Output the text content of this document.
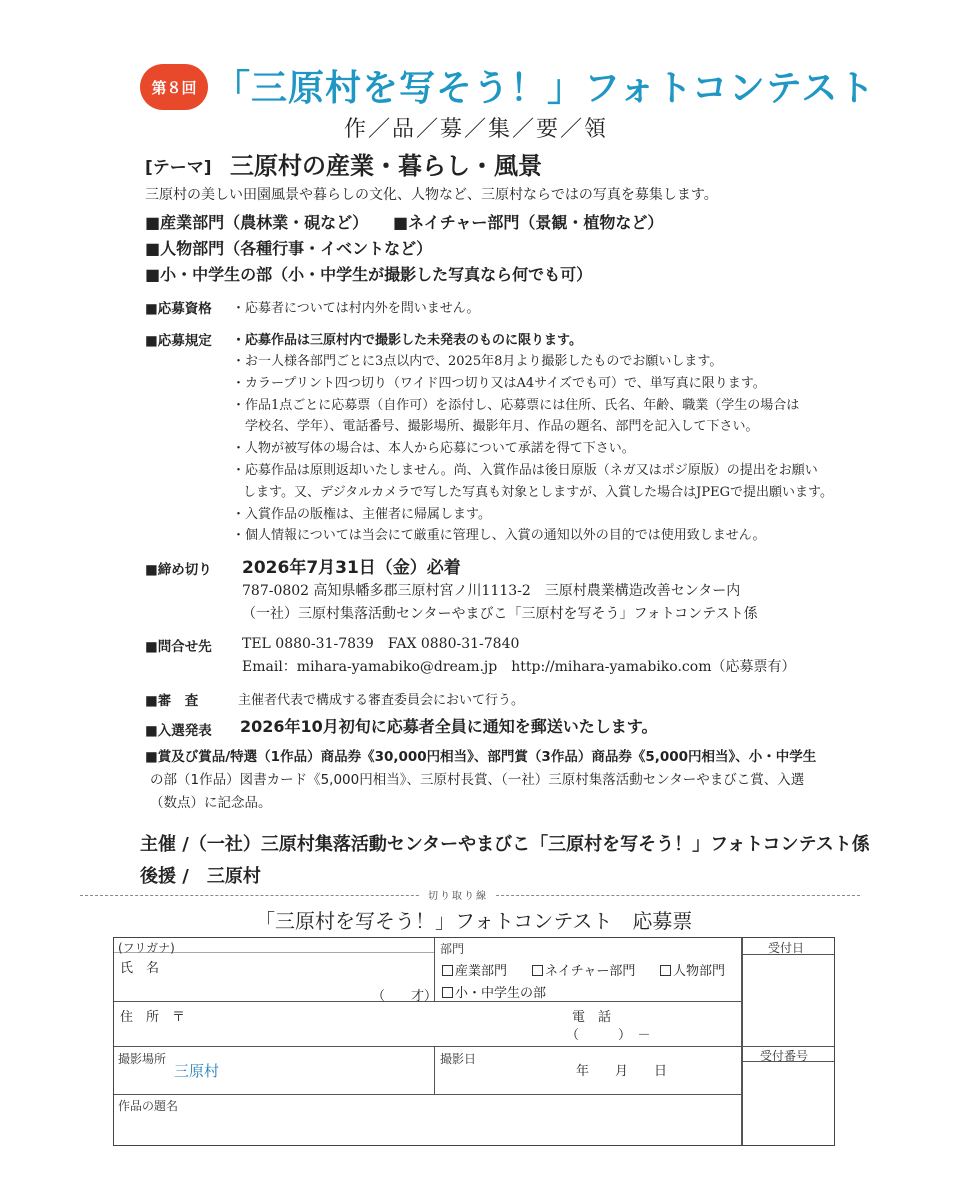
第８回 「三原村を写そう！」フォトコンテスト
作／品／募／集／要／領
[テーマ] 三原村の産業・暮らし・風景
三原村の美しい田園風景や暮らしの文化、人物など、三原村ならではの写真を募集します。
■産業部門（農林業・硯など） ■ネイチャー部門（景観・植物など）
■人物部門（各種行事・イベントなど）
■小・中学生の部（小・中学生が撮影した写真なら何でも可）
■応募資格 ・応募者については村内外を問いません。
■応募規定 ・応募作品は三原村内で撮影した未発表のものに限ります。
・お一人様各部門ごとに3点以内で、2025年8月より撮影したものでお願いします。
・カラープリント四つ切り（ワイド四つ切り又はA4サイズでも可）で、単写真に限ります。
・作品1点ごとに応募票（自作可）を添付し、応募票には住所、氏名、年齢、職業（学生の場合は
学校名、学年）、電話番号、撮影場所、撮影年月、作品の題名、部門を記入して下さい。
・人物が被写体の場合は、本人から応募について承諾を得て下さい。
・応募作品は原則返却いたしません。尚、入賞作品は後日原版（ネガ又はポジ原版）の提出をお願い
します。又、デジタルカメラで写した写真も対象としますが、入賞した場合はJPEGで提出願います。
・入賞作品の版権は、主催者に帰属します。
・個人情報については当会にて厳重に管理し、入賞の通知以外の目的では使用致しません。
■締め切り 2026年7月31日（金）必着
787-0802 高知県幡多郡三原村宮ノ川1113-2　三原村農業構造改善センター内
（一社）三原村集落活動センターやまびこ「三原村を写そう」フォトコンテスト係
■問合せ先 TEL 0880-31-7839　FAX 0880-31-7840
Email：mihara-yamabiko@dream.jp　http://mihara-yamabiko.com（応募票有）
■審　査	主催者代表で構成する審査委員会において行う。
■入選発表 2026年10月初旬に応募者全員に通知を郵送いたします。
■賞及び賞品/特選（1作品）商品券《30,000円相当》、部門賞（3作品）商品券《5,000円相当》、小・中学生
の部（1作品）図書カード《5,000円相当》、三原村長賞、（一社）三原村集落活動センターやまびこ賞、入選
（数点）に記念品。
主催 /（一社）三原村集落活動センターやまびこ「三原村を写そう！」フォトコンテスト係
後援 /　三原村
切り取り線
「三原村を写そう！」フォトコンテスト　応募票
(フリガナ)
氏　名
（　　才）
部門
産業部門	ネイチャー部門	人物部門
小・中学生の部
住　所　〒	電　話
（　　　）　－
受付日
受付番号
撮影場所
三原村
撮影日
年　　月　　日
作品の題名
